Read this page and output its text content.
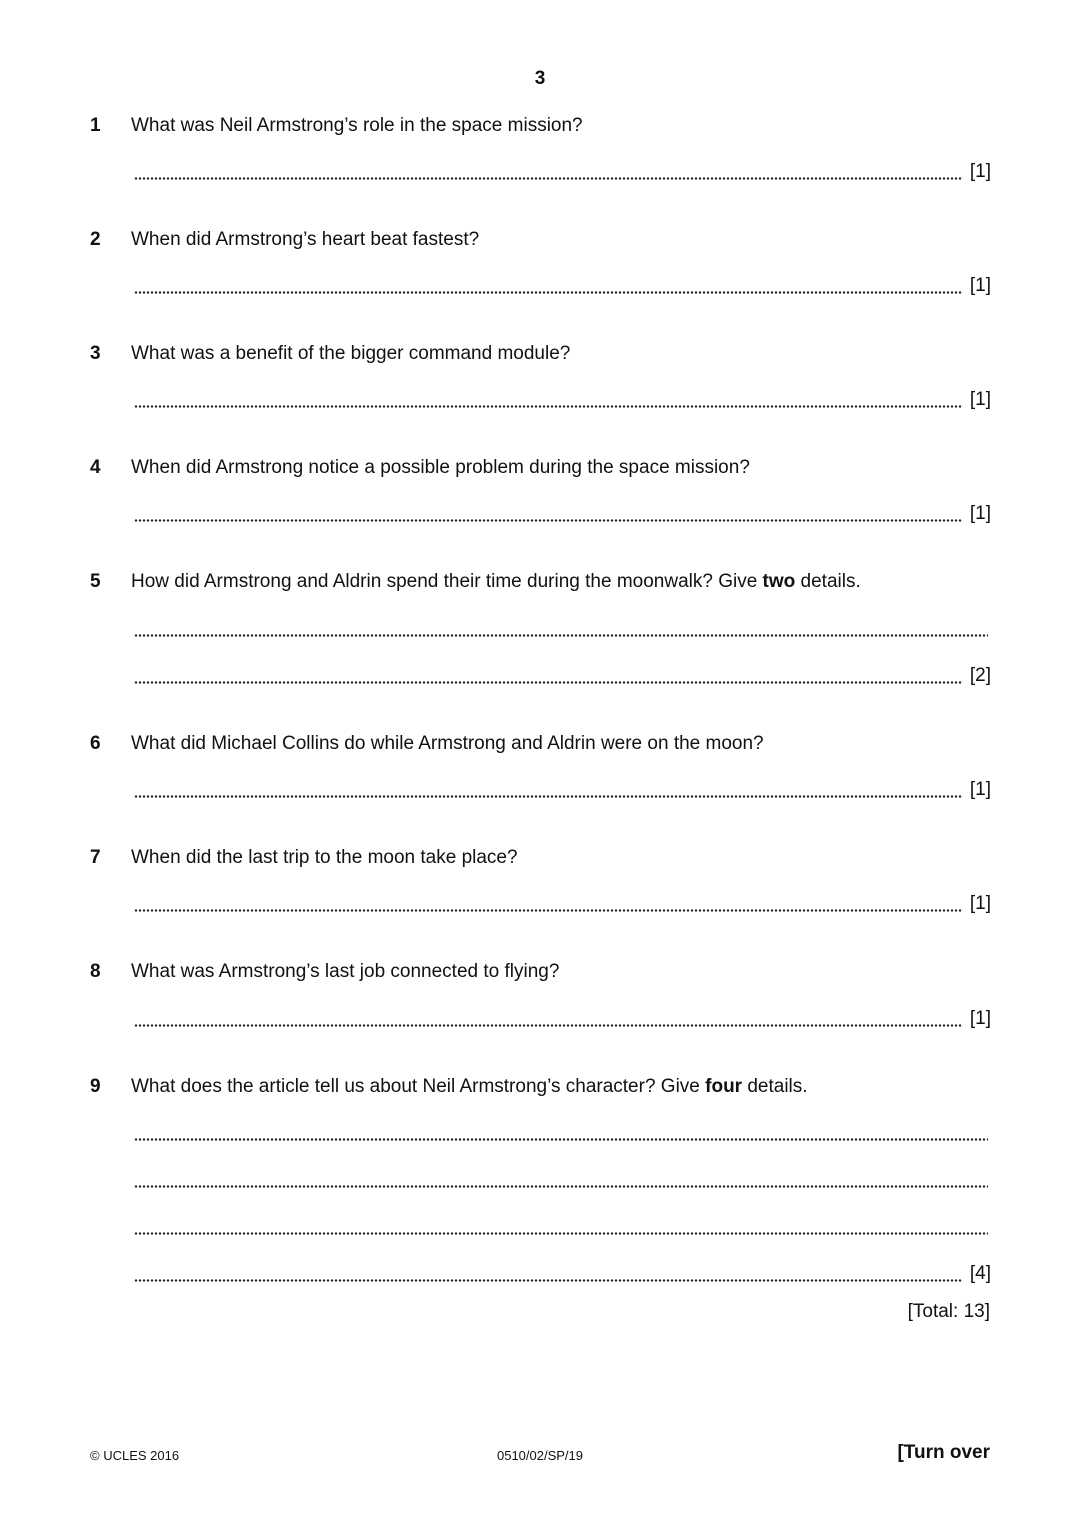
3
1 What was Neil Armstrong’s role in the space mission?
[1]
2 When did Armstrong’s heart beat fastest?
[1]
3 What was a benefit of the bigger command module?
[1]
4 When did Armstrong notice a possible problem during the space mission?
[1]
5 How did Armstrong and Aldrin spend their time during the moonwalk? Give two details.
[2]
6 What did Michael Collins do while Armstrong and Aldrin were on the moon?
[1]
7 When did the last trip to the moon take place?
[1]
8 What was Armstrong’s last job connected to flying?
[1]
9 What does the article tell us about Neil Armstrong’s character? Give four details.
[4]
[Total: 13]
© UCLES 2016	0510/02/SP/19	[Turn over
